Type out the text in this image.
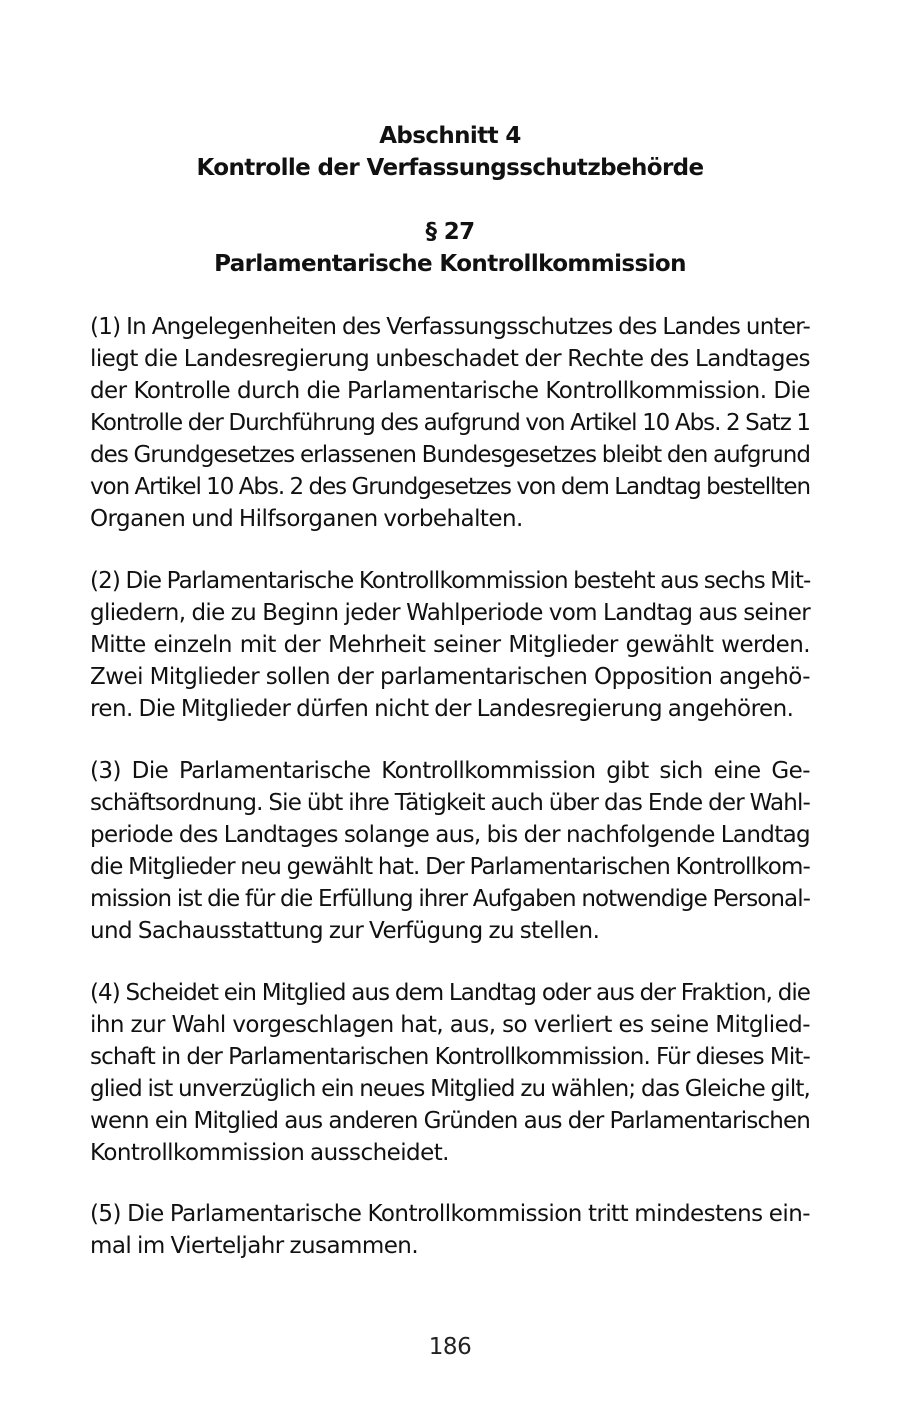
Abschnitt 4
Kontrolle der Verfassungsschutzbehörde
§ 27
Parlamentarische Kontrollkommission
(1) In Angelegenheiten des Verfassungsschutzes des Landes unter-
liegt die Landesregierung unbeschadet der Rechte des Landtages
der Kontrolle durch die Parlamentarische Kontrollkommission. Die
Kontrolle der Durchführung des aufgrund von Artikel 10 Abs. 2 Satz 1
des Grundgesetzes erlassenen Bundesgesetzes bleibt den aufgrund
von Artikel 10 Abs. 2 des Grundgesetzes von dem Landtag bestellten
Organen und Hilfsorganen vorbehalten.
(2) Die Parlamentarische Kontrollkommission besteht aus sechs Mit-
gliedern, die zu Beginn jeder Wahlperiode vom Landtag aus seiner
Mitte einzeln mit der Mehrheit seiner Mitglieder gewählt werden.
Zwei Mitglieder sollen der parlamentarischen Opposition angehö-
ren. Die Mitglieder dürfen nicht der Landesregierung angehören.
(3) Die Parlamentarische Kontrollkommission gibt sich eine Ge-
schäftsordnung. Sie übt ihre Tätigkeit auch über das Ende der Wahl-
periode des Landtages solange aus, bis der nachfolgende Landtag
die Mitglieder neu gewählt hat. Der Parlamentarischen Kontrollkom-
mission ist die für die Erfüllung ihrer Aufgaben notwendige Personal-
und Sachausstattung zur Verfügung zu stellen.
(4) Scheidet ein Mitglied aus dem Landtag oder aus der Fraktion, die
ihn zur Wahl vorgeschlagen hat, aus, so verliert es seine Mitglied-
schaft in der Parlamentarischen Kontrollkommission. Für dieses Mit-
glied ist unverzüglich ein neues Mitglied zu wählen; das Gleiche gilt,
wenn ein Mitglied aus anderen Gründen aus der Parlamentarischen
Kontrollkommission ausscheidet.
(5) Die Parlamentarische Kontrollkommission tritt mindestens ein-
mal im Vierteljahr zusammen.
186
